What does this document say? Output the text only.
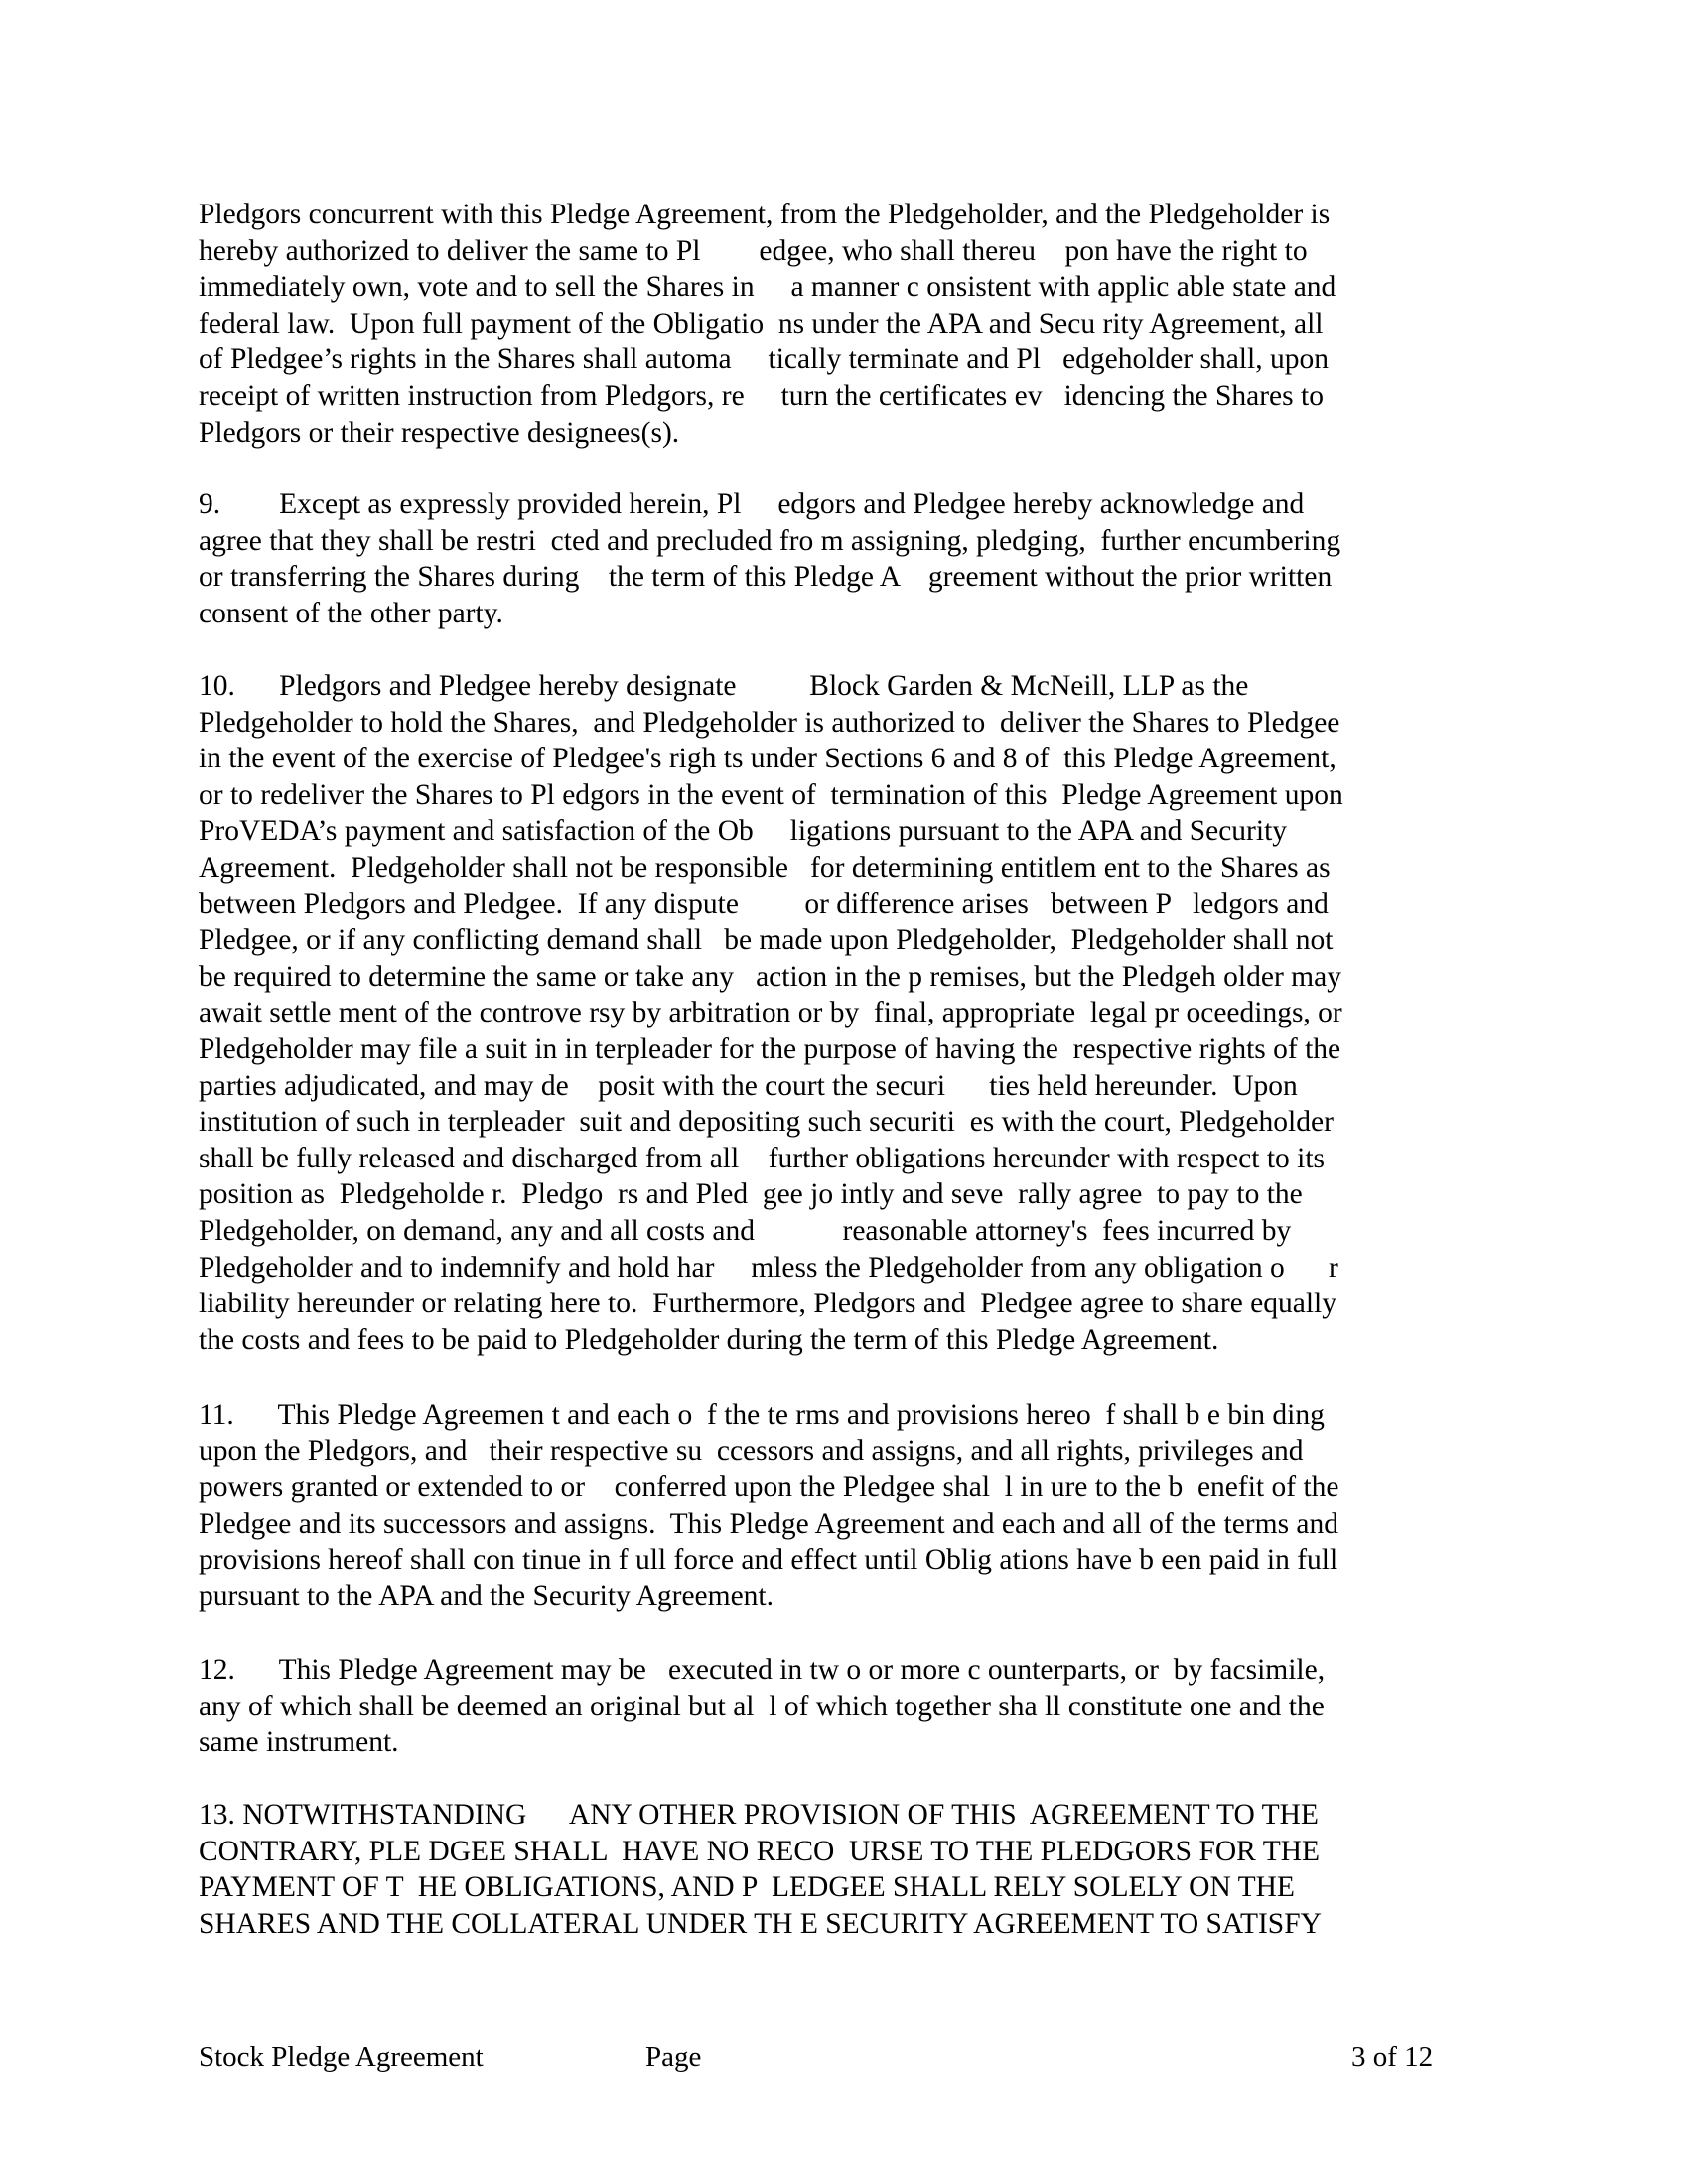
Pledgors concurrent with this Pledge Agreement, from the Pledgeholder, and the Pledgeholder is
hereby authorized to deliver the same to Pl        edgee, who shall thereu    pon have the right to
immediately own, vote and to sell the Shares in     a manner c onsistent with applic able state and
federal law.  Upon full payment of the Obligatio  ns under the APA and Secu rity Agreement, all
of Pledgee’s rights in the Shares shall automa     tically terminate and Pl   edgeholder shall, upon
receipt of written instruction from Pledgors, re     turn the certificates ev   idencing the Shares to
Pledgors or their respective designees(s).
9.        Except as expressly provided herein, Pl     edgors and Pledgee hereby acknowledge and
agree that they shall be restri  cted and precluded fro m assigning, pledging,  further encumbering
or transferring the Shares during    the term of this Pledge A    greement without the prior written
consent of the other party.
10.      Pledgors and Pledgee hereby designate          Block Garden & McNeill, LLP as the
Pledgeholder to hold the Shares,  and Pledgeholder is authorized to  deliver the Shares to Pledgee
in the event of the exercise of Pledgee's righ ts under Sections 6 and 8 of  this Pledge Agreement,
or to redeliver the Shares to Pl edgors in the event of  termination of this  Pledge Agreement upon
ProVEDA’s payment and satisfaction of the Ob     ligations pursuant to the APA and Security
Agreement.  Pledgeholder shall not be responsible   for determining entitlem ent to the Shares as
between Pledgors and Pledgee.  If any dispute         or difference arises   between P   ledgors and
Pledgee, or if any conflicting demand shall   be made upon Pledgeholder,  Pledgeholder shall not
be required to determine the same or take any   action in the p remises, but the Pledgeh older may
await settle ment of the controve rsy by arbitration or by  final, appropriate  legal pr oceedings, or
Pledgeholder may file a suit in in terpleader for the purpose of having the  respective rights of the
parties adjudicated, and may de    posit with the court the securi      ties held hereunder.  Upon
institution of such in terpleader  suit and depositing such securiti  es with the court, Pledgeholder
shall be fully released and discharged from all    further obligations hereunder with respect to its
position as  Pledgeholde r.  Pledgo  rs and Pled  gee jo intly and seve  rally agree  to pay to the
Pledgeholder, on demand, any and all costs and            reasonable attorney's  fees incurred by
Pledgeholder and to indemnify and hold har     mless the Pledgeholder from any obligation o      r
liability hereunder or relating here to.  Furthermore, Pledgors and  Pledgee agree to share equally
the costs and fees to be paid to Pledgeholder during the term of this Pledge Agreement.
11.      This Pledge Agreemen t and each o  f the te rms and provisions hereo  f shall b e bin ding
upon the Pledgors, and   their respective su  ccessors and assigns, and all rights, privileges and
powers granted or extended to or    conferred upon the Pledgee shal  l in ure to the b  enefit of the
Pledgee and its successors and assigns.  This Pledge Agreement and each and all of the terms and
provisions hereof shall con tinue in f ull force and effect until Oblig ations have b een paid in full
pursuant to the APA and the Security Agreement.
12.      This Pledge Agreement may be   executed in tw o or more c ounterparts, or  by facsimile,
any of which shall be deemed an original but al  l of which together sha ll constitute one and the
same instrument.
13. NOTWITHSTANDING      ANY OTHER PROVISION OF THIS  AGREEMENT TO THE
CONTRARY, PLE DGEE SHALL  HAVE NO RECO  URSE TO THE PLEDGORS FOR THE
PAYMENT OF T  HE OBLIGATIONS, AND P  LEDGEE SHALL RELY SOLELY ON THE
SHARES AND THE COLLATERAL UNDER TH E SECURITY AGREEMENT TO SATISFY
Stock Pledge Agreement	Page	3 of 12
